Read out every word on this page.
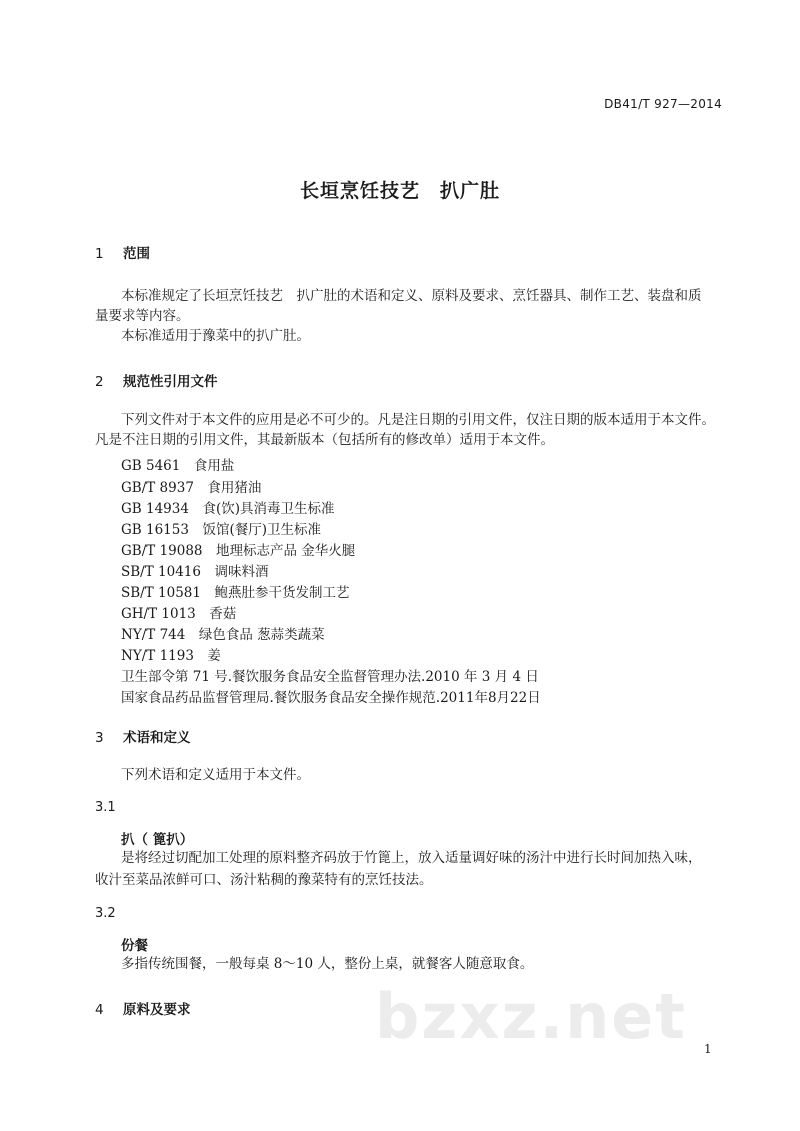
DB41/T 927—2014
长垣烹饪技艺　扒广肚
1 范围
本标准规定了长垣烹饪技艺　扒广肚的术语和定义、原料及要求、烹饪器具、制作工艺、装盘和质
量要求等内容。
本标准适用于豫菜中的扒广肚。
2 规范性引用文件
下列文件对于本文件的应用是必不可少的。凡是注日期的引用文件，仅注日期的版本适用于本文件。
凡是不注日期的引用文件，其最新版本（包括所有的修改单）适用于本文件。
GB 5461　食用盐
GB/T 8937　食用猪油
GB 14934　食(饮)具消毒卫生标准
GB 16153　饭馆(餐厅)卫生标准
GB/T 19088　地理标志产品 金华火腿
SB/T 10416　调味料酒
SB/T 10581　鲍燕肚参干货发制工艺
GH/T 1013　香菇
NY/T 744　绿色食品 葱蒜类蔬菜
NY/T 1193　姜
卫生部令第 71 号.餐饮服务食品安全监督管理办法.2010 年 3 月 4 日
国家食品药品监督管理局.餐饮服务食品安全操作规范.2011年8月22日
3 术语和定义
下列术语和定义适用于本文件。
3.1
扒（ 篦扒）
是将经过切配加工处理的原料整齐码放于竹篦上，放入适量调好味的汤汁中进行长时间加热入味，
收汁至菜品浓鲜可口、汤汁粘稠的豫菜特有的烹饪技法。
3.2
份餐
多指传统围餐，一般每桌 8～10 人，整份上桌，就餐客人随意取食。
4 原料及要求	bzxz.net 1
